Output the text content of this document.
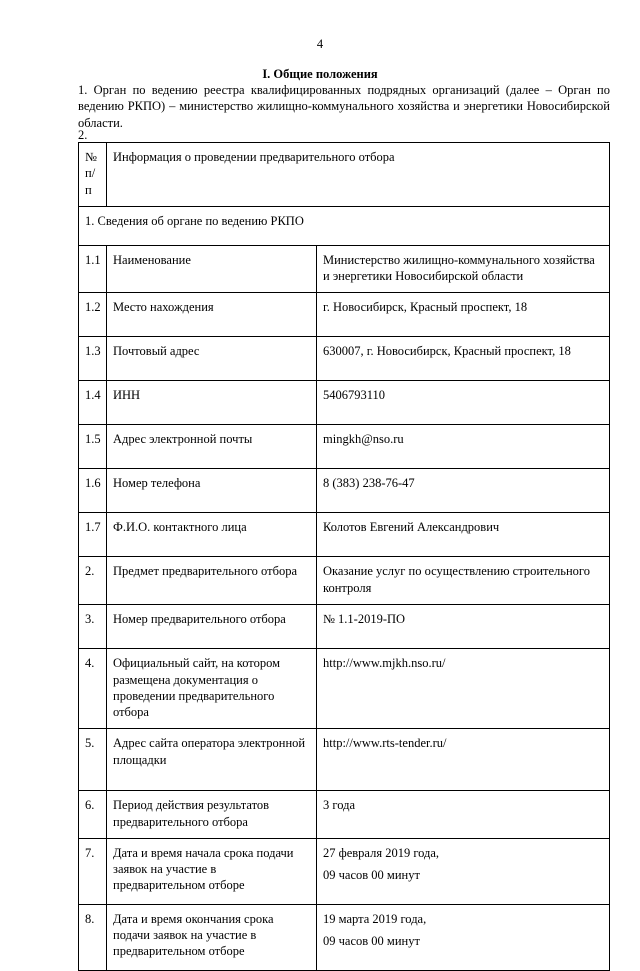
4
I. Общие положения
1. Орган по ведению реестра квалифицированных подрядных организаций (далее – Орган по ведению РКПО) – министерство жилищно-коммунального хозяйства и энергетики Новосибирской области.
2.
№
п/п	Информация о проведении предварительного отбора	
1. Сведения об органе по ведению РКПО		
1.1	Наименование	Министерство жилищно-коммунального хозяйства и энергетики Новосибирской области
1.2	Место нахождения	г. Новосибирск, Красный проспект, 18
1.3	Почтовый адрес	630007, г. Новосибирск, Красный проспект, 18
1.4	ИНН	5406793110
1.5	Адрес электронной почты	mingkh@nso.ru
1.6	Номер телефона	8 (383) 238-76-47
1.7	Ф.И.О. контактного лица	Колотов Евгений Александрович
2.	Предмет предварительного отбора	Оказание услуг по осуществлению строительного контроля
3.	Номер предварительного отбора	№ 1.1-2019-ПО
4.	Официальный сайт, на котором размещена документация о проведении предварительного отбора	http://www.mjkh.nso.ru/
5.	Адрес сайта оператора электронной площадки	http://www.rts-tender.ru/
6.	Период действия результатов предварительного отбора	3 года
7.	Дата и время начала срока подачи заявок на участие в предварительном отборе	27 февраля 2019 года,
09 часов 00 минут

8.	Дата и время окончания срока подачи заявок на участие в предварительном отборе	19 марта 2019 года,
09 часов 00 минут
